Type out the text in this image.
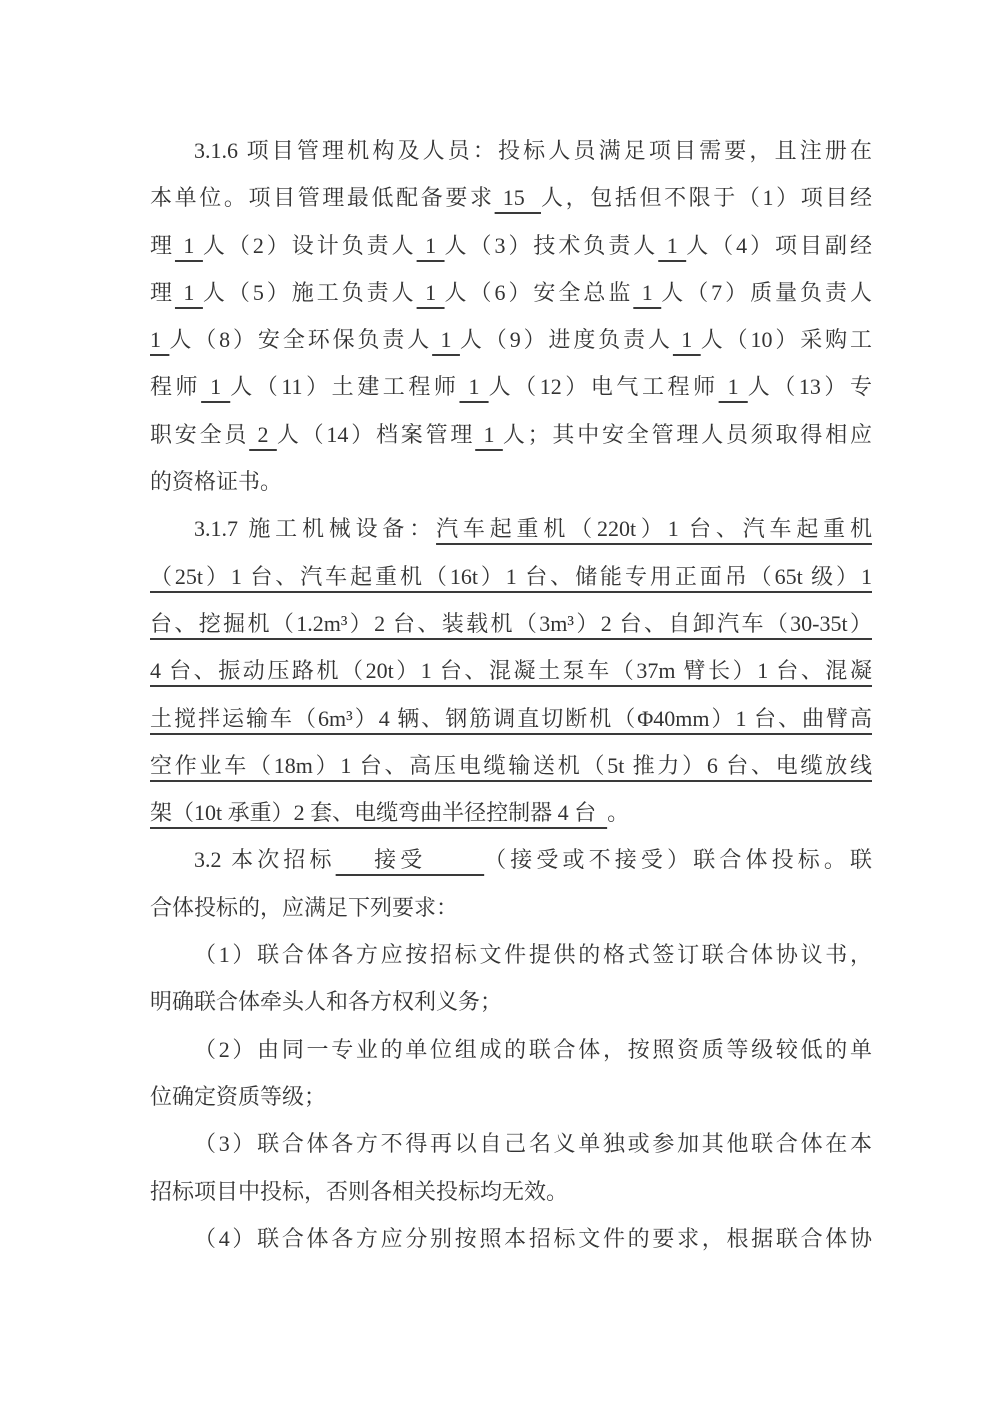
3.1.6 项目管理机构及人员：投标人员满足项目需要，且注册在
本单位。项目管理最低配备要求 15  人，包括但不限于（1）项目经
理 1 人（2）设计负责人 1 人（3）技术负责人 1 人（4）项目副经
理 1 人（5）施工负责人 1 人（6）安全总监 1 人（7）质量负责人
1 人（8）安全环保负责人 1 人（9）进度负责人 1 人（10）采购工
程师 1 人（11）土建工程师 1 人（12）电气工程师 1 人（13）专
职安全员 2 人（14）档案管理 1 人；其中安全管理人员须取得相应
的资格证书。
3.1.7 施工机械设备：汽车起重机（220t）1 台、汽车起重机
（25t）1 台、汽车起重机（16t）1 台、储能专用正面吊（65t 级）1
台、挖掘机（1.2m³）2 台、装载机（3m³）2 台、自卸汽车（30-35t）
4 台、振动压路机（20t）1 台、混凝土泵车（37m 臂长）1 台、混凝
土搅拌运输车（6m³）4 辆、钢筋调直切断机（Φ40mm）1 台、曲臂高
空作业车（18m）1 台、高压电缆输送机（5t 推力）6 台、电缆放线
架（10t 承重）2 套、电缆弯曲半径控制器 4 台  。
3.2 本次招标    接受      （接受或不接受）联合体投标。联
合体投标的，应满足下列要求：
（1）联合体各方应按招标文件提供的格式签订联合体协议书，
明确联合体牵头人和各方权利义务；
（2）由同一专业的单位组成的联合体，按照资质等级较低的单
位确定资质等级；
（3）联合体各方不得再以自己名义单独或参加其他联合体在本
招标项目中投标，否则各相关投标均无效。
（4）联合体各方应分别按照本招标文件的要求，根据联合体协
